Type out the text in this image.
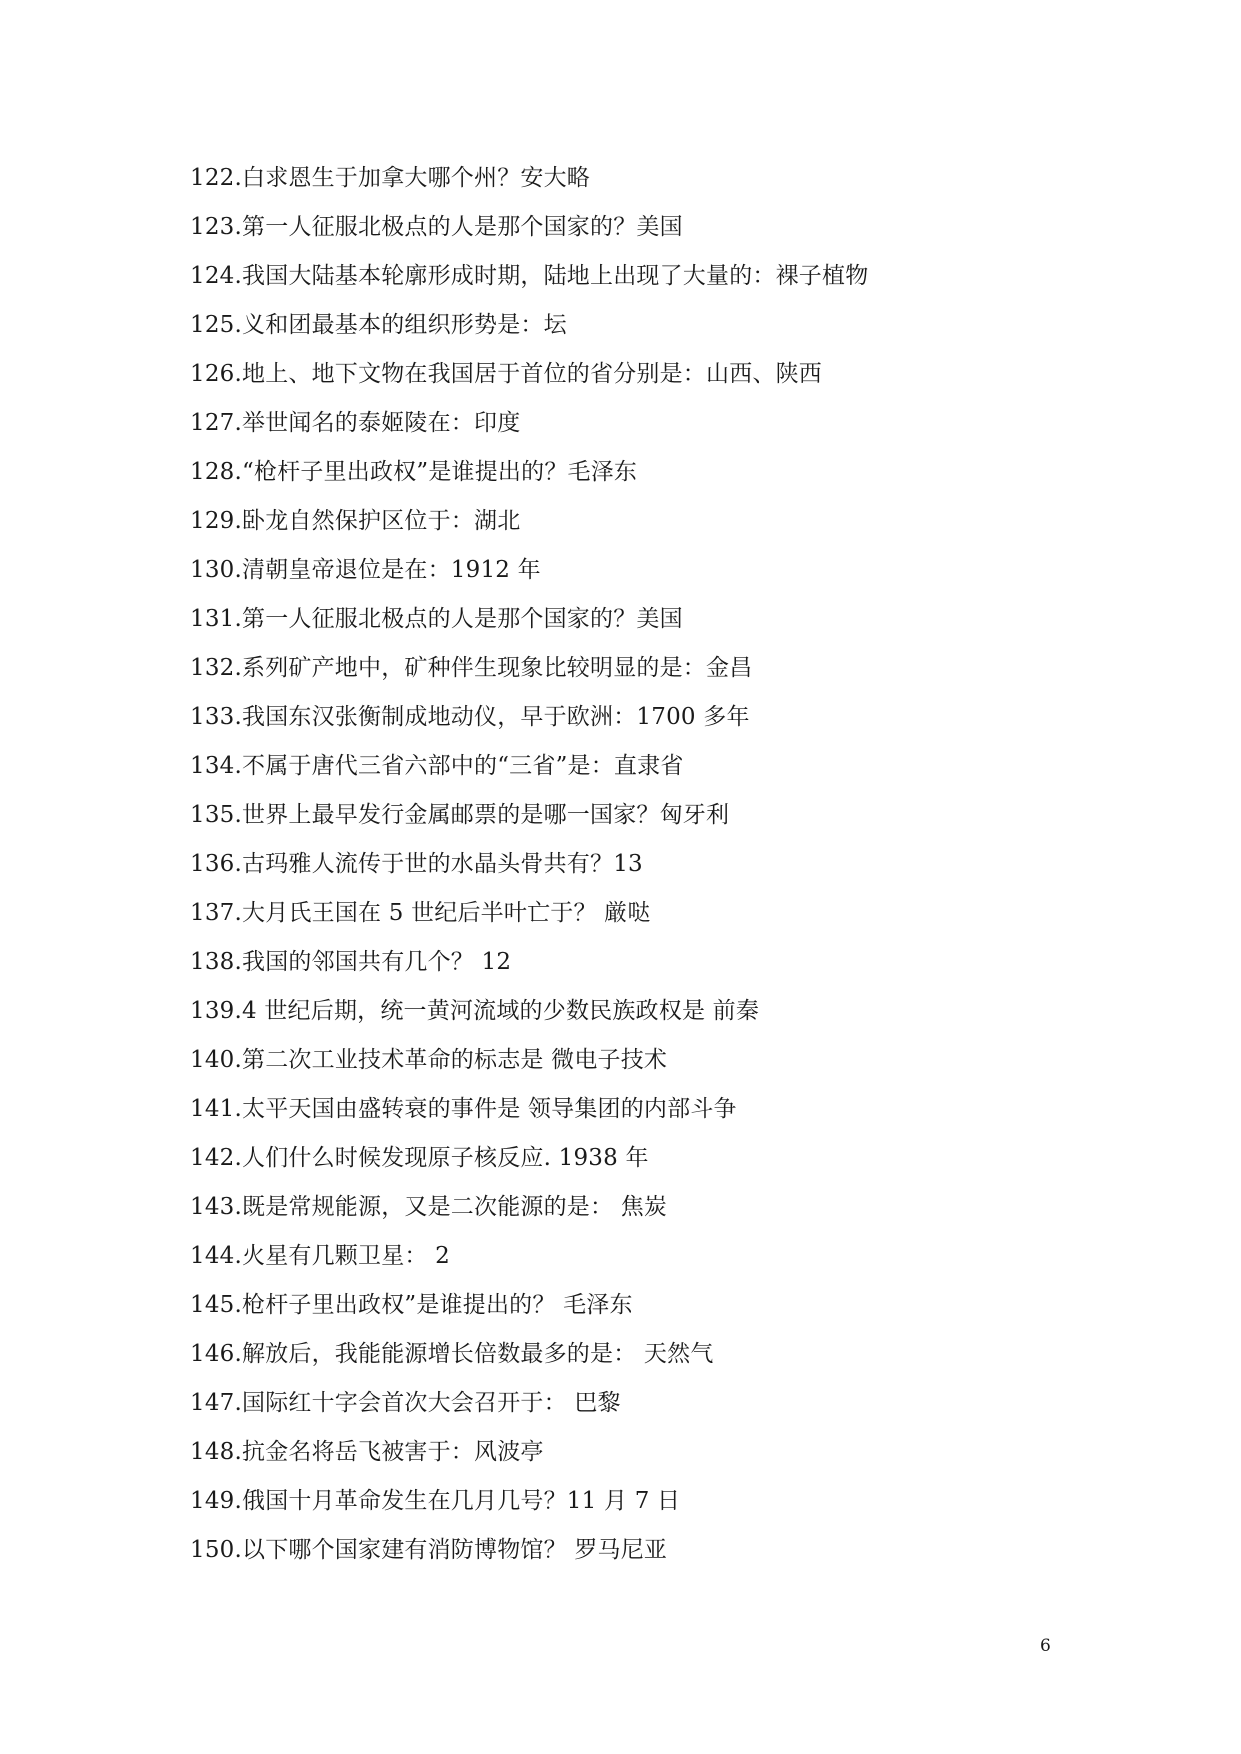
122.白求恩生于加拿大哪个州？安大略
123.第一人征服北极点的人是那个国家的？美国
124.我国大陆基本轮廓形成时期，陆地上出现了大量的：裸子植物
125.义和团最基本的组织形势是：坛
126.地上、地下文物在我国居于首位的省分别是：山西、陕西
127.举世闻名的泰姬陵在：印度
128.“枪杆子里出政权”是谁提出的？毛泽东
129.卧龙自然保护区位于：湖北
130.清朝皇帝退位是在：1912 年
131.第一人征服北极点的人是那个国家的？美国
132.系列矿产地中，矿种伴生现象比较明显的是：金昌
133.我国东汉张衡制成地动仪，早于欧洲：1700 多年
134.不属于唐代三省六部中的“三省”是：直隶省
135.世界上最早发行金属邮票的是哪一国家？匈牙利
136.古玛雅人流传于世的水晶头骨共有？13
137.大月氏王国在 5 世纪后半叶亡于？ 厳哒
138.我国的邻国共有几个？ 12
139.4 世纪后期，统一黄河流域的少数民族政权是 前秦
140.第二次工业技术革命的标志是 微电子技术
141.太平天国由盛转衰的事件是 领导集团的内部斗争
142.人们什么时候发现原子核反应. 1938 年
143.既是常规能源，又是二次能源的是： 焦炭
144.火星有几颗卫星： 2
145.枪杆子里出政权”是谁提出的？ 毛泽东
146.解放后，我能能源增长倍数最多的是： 天然气
147.国际红十字会首次大会召开于： 巴黎
148.抗金名将岳飞被害于：风波亭
149.俄国十月革命发生在几月几号？11 月 7 日
150.以下哪个国家建有消防博物馆？ 罗马尼亚
6
